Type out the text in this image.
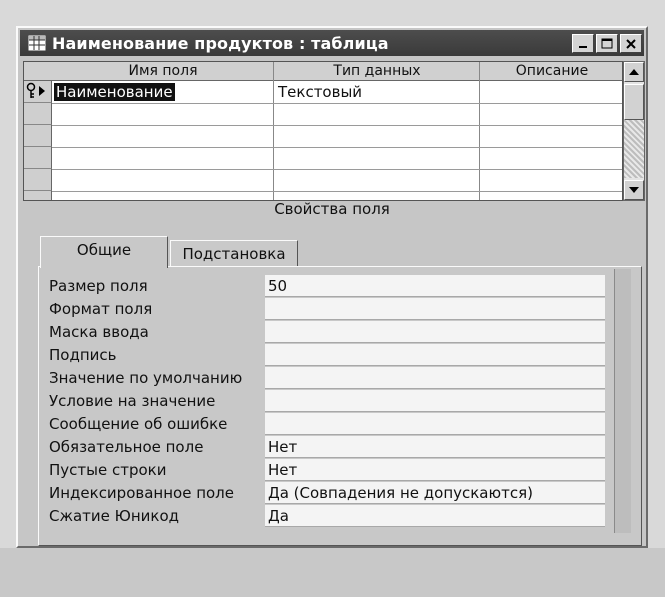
Наименование продуктов : таблица
Имя поля	Тип данных	Описание
Наименование	Текстовый
Свойства поля
Подстановка
Общие
Размер поля	50
Формат поля
Маска ввода
Подпись
Значение по умолчанию
Условие на значение
Сообщение об ошибке
Обязательное поле	Нет
Пустые строки	Нет
Индексированное поле	Да (Совпадения не допускаются)
Сжатие Юникод	Да
